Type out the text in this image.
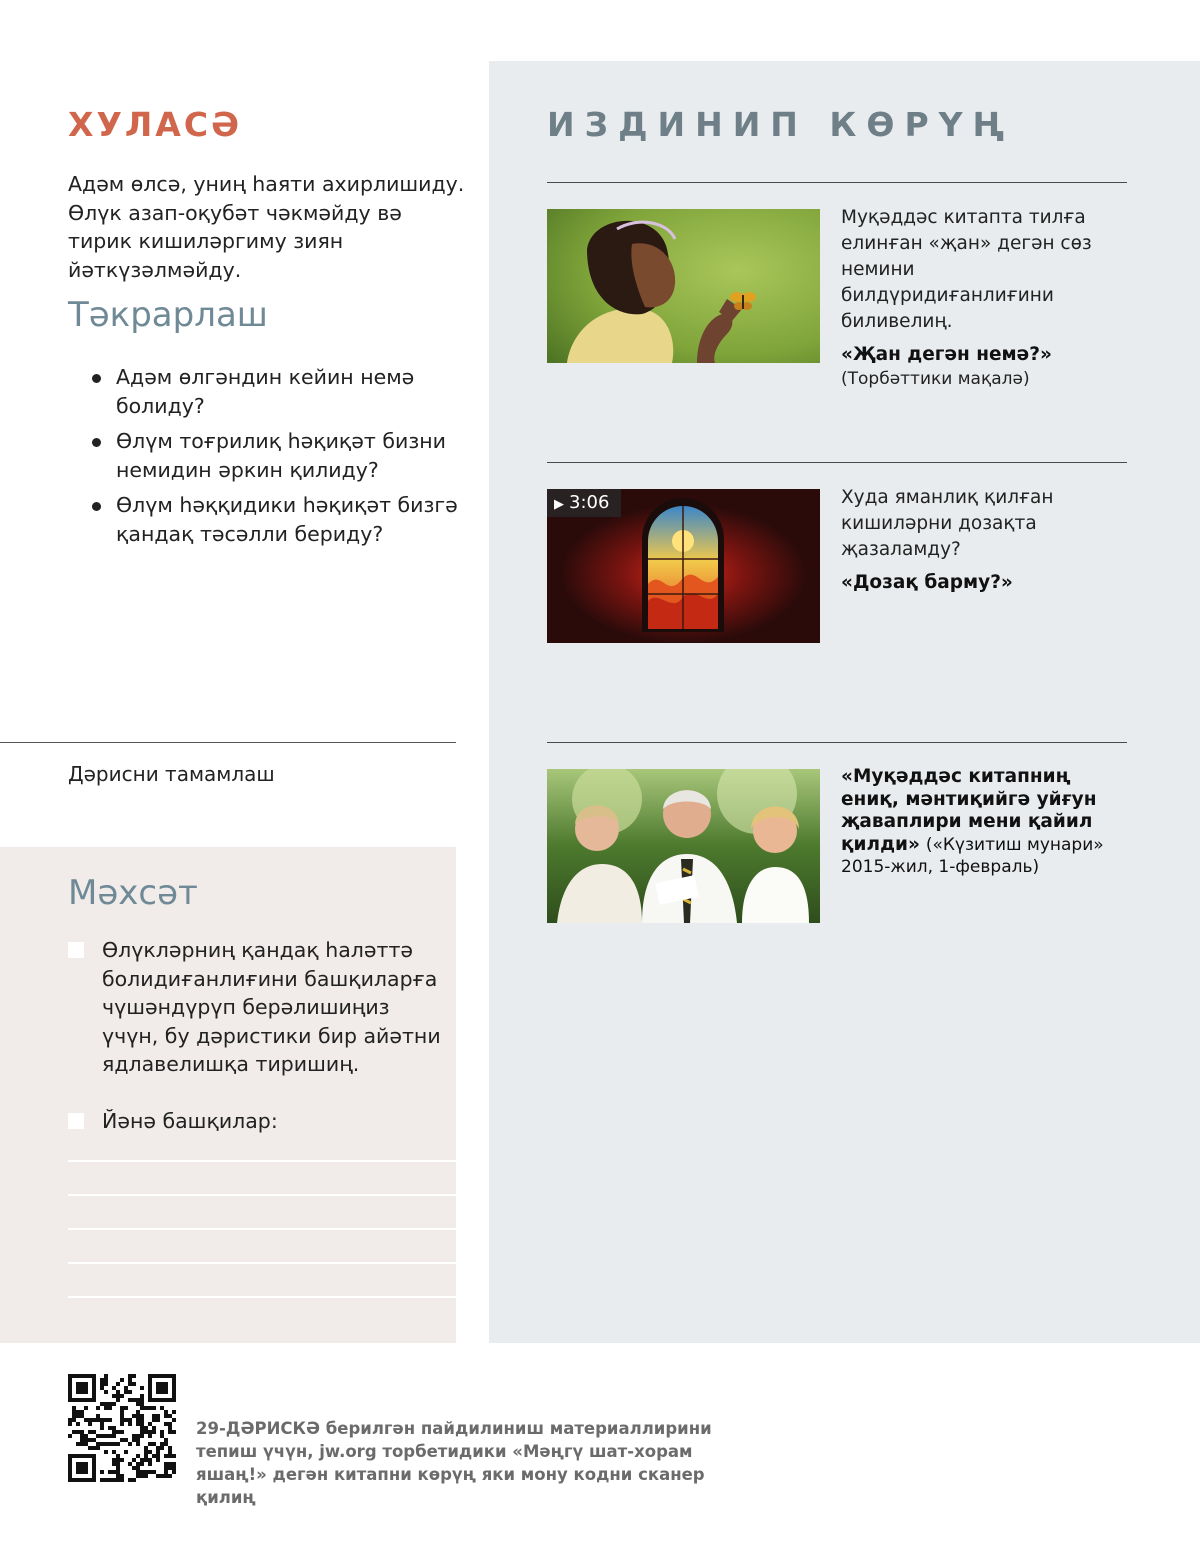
ХУЛАСӘ
Адәм өлсә, униң һаяти ахирлишиду. Өлүк азап-оқубәт чәкмәйду вә тирик кишиләргиму зиян йәткүзәлмәйду.
Тәкрарлаш
Адәм өлгәндин кейин немә болиду?
Өлүм тоғрилиқ һәқиқәт бизни немидин әркин қилиду?
Өлүм һәққидики һәқиқәт бизгә қандақ тәсәлли бериду?
Дәрисни тамамлаш
Мәхсәт
Өлүкләрниң қандақ һаләттә болидиғанлиғини башқиларға чүшәндүрүп берәлишиңиз үчүн, бу дәристики бир айәтни ядлавелишқа тиришиң.
Йәнә башқилар:
ИЗДИНИП КӨРҮҢ
Муқәддәс китапта тилға елинған «җан» дегән сөз немини билдүридиғанлиғини биливелиң.
«Җан дегән немә?»
(Торбәттики мақалә)
▶ 3:06	Худа яманлиқ қилған кишиләрни дозақта җазаламду?
«Дозақ барму?»
«Муқәддәс китапниң ениқ, мәнтиқийгә уйғун җаваплири мени қайил қилди» («Күзитиш мунари» 2015-жил, 1-февраль)
29-ДӘРИСКӘ берилгән пайдилиниш материаллирини тепиш үчүн, jw.org торбетидики «Мәңгү шат-хорам яшаң!» дегән китапни көрүң яки мону кодни сканер қилиң
